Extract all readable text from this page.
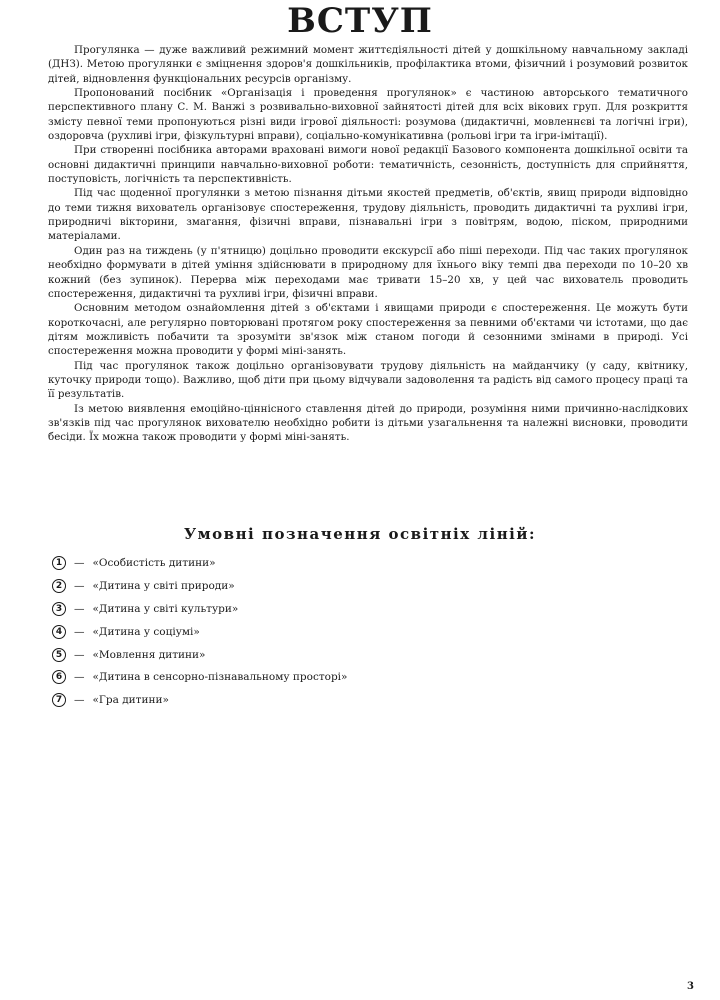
ВСТУП

Прогулянка — дуже важливий режимний момент життєдіяльності дітей у дошкільному навчальному закладі (ДНЗ). Метою прогулянки є зміцнення здоров'я дошкільників, профілактика втоми, фізичний і розумовий розвиток дітей, відновлення функціональних ресурсів організму.

Пропонований посібник «Організація і проведення прогулянок» є частиною авторського тематичного перспективного плану С. М. Ванжі з розвивально-виховної зайнятості дітей для всіх вікових груп. Для розкриття змісту певної теми пропонуються різні види ігрової діяльності: розумова (дидактичні, мовленнєві та логічні ігри), оздоровча (рухливі ігри, фізкультурні вправи), соціально-комунікативна (рольові ігри та ігри-імітації).

При створенні посібника авторами враховані вимоги нової редакції Базового компонента дошкільної освіти та основні дидактичні принципи навчально-виховної роботи: тематичність, сезонність, доступність для сприйняття, поступовість, логічність та перспективність.

Під час щоденної прогулянки з метою пізнання дітьми якостей предметів, об'єктів, явищ природи відповідно до теми тижня вихователь організовує спостереження, трудову діяльність, проводить дидактичні та рухливі ігри, природничі вікторини, змагання, фізичні вправи, пізнавальні ігри з повітрям, водою, піском, природними матеріалами.

Один раз на тиждень (у п'ятницю) доцільно проводити екскурсії або піші переходи. Під час таких прогулянок необхідно формувати в дітей уміння здійснювати в природному для їхнього віку темпі два переходи по 10–20 хв кожний (без зупинок). Перерва між переходами має тривати 15–20 хв, у цей час вихователь проводить спостереження, дидактичні та рухливі ігри, фізичні вправи.

Основним методом ознайомлення дітей з об'єктами і явищами природи є спостереження. Це можуть бути короткочасні, але регулярно повторювані протягом року спостереження за певними об'єктами чи істотами, що дає дітям можливість побачити та зрозуміти зв'язок між станом погоди й сезонними змінами в природі. Усі спостереження можна проводити у формі міні-занять.

Під час прогулянок також доцільно організовувати трудову діяльність на майданчику (у саду, квітнику, куточку природи тощо). Важливо, щоб діти при цьому відчували задоволення та радість від самого процесу праці та її результатів.

Із метою виявлення емоційно-ціннісного ставлення дітей до природи, розуміння ними причинно-наслідкових зв'язків під час прогулянок вихователю необхідно робити із дітьми узагальнення та належні висновки, проводити бесіди. Їх можна також проводити у формі міні-занять.

Умовні позначення освітніх ліній:
1	— «Особистість дитини»
2	— «Дитина у світі природи»
3	— «Дитина у світі культури»
4	— «Дитина у соціумі»
5	— «Мовлення дитини»
6	— «Дитина в сенсорно-пізнавальному просторі»
7	— «Гра дитини»
3
